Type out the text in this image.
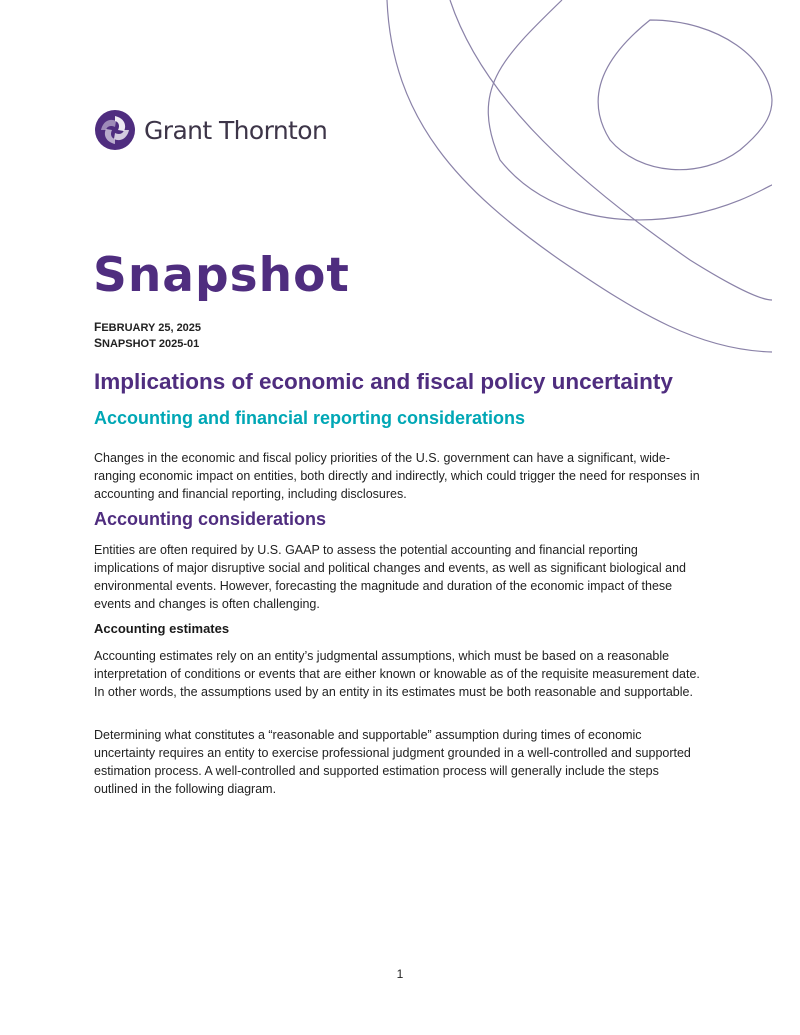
Grant Thornton
Snapshot

FEBRUARY 25, 2025

SNAPSHOT 2025-01

Implications of economic and fiscal policy uncertainty
Accounting and financial reporting considerations

Changes in the economic and fiscal policy priorities of the U.S. government can have a significant, wide-ranging economic impact on entities, both directly and indirectly, which could trigger the need for responses in accounting and financial reporting, including disclosures.

Accounting considerations

Entities are often required by U.S. GAAP to assess the potential accounting and financial reporting implications of major disruptive social and political changes and events, as well as significant biological and environmental events. However, forecasting the magnitude and duration of the economic impact of these events and changes is often challenging.

Accounting estimates

Accounting estimates rely on an entity’s judgmental assumptions, which must be based on a reasonable interpretation of conditions or events that are either known or knowable as of the requisite measurement date. In other words, the assumptions used by an entity in its estimates must be both reasonable and supportable.

Determining what constitutes a “reasonable and supportable” assumption during times of economic uncertainty requires an entity to exercise professional judgment grounded in a well-controlled and supported estimation process. A well-controlled and supported estimation process will generally include the steps outlined in the following diagram.

1
